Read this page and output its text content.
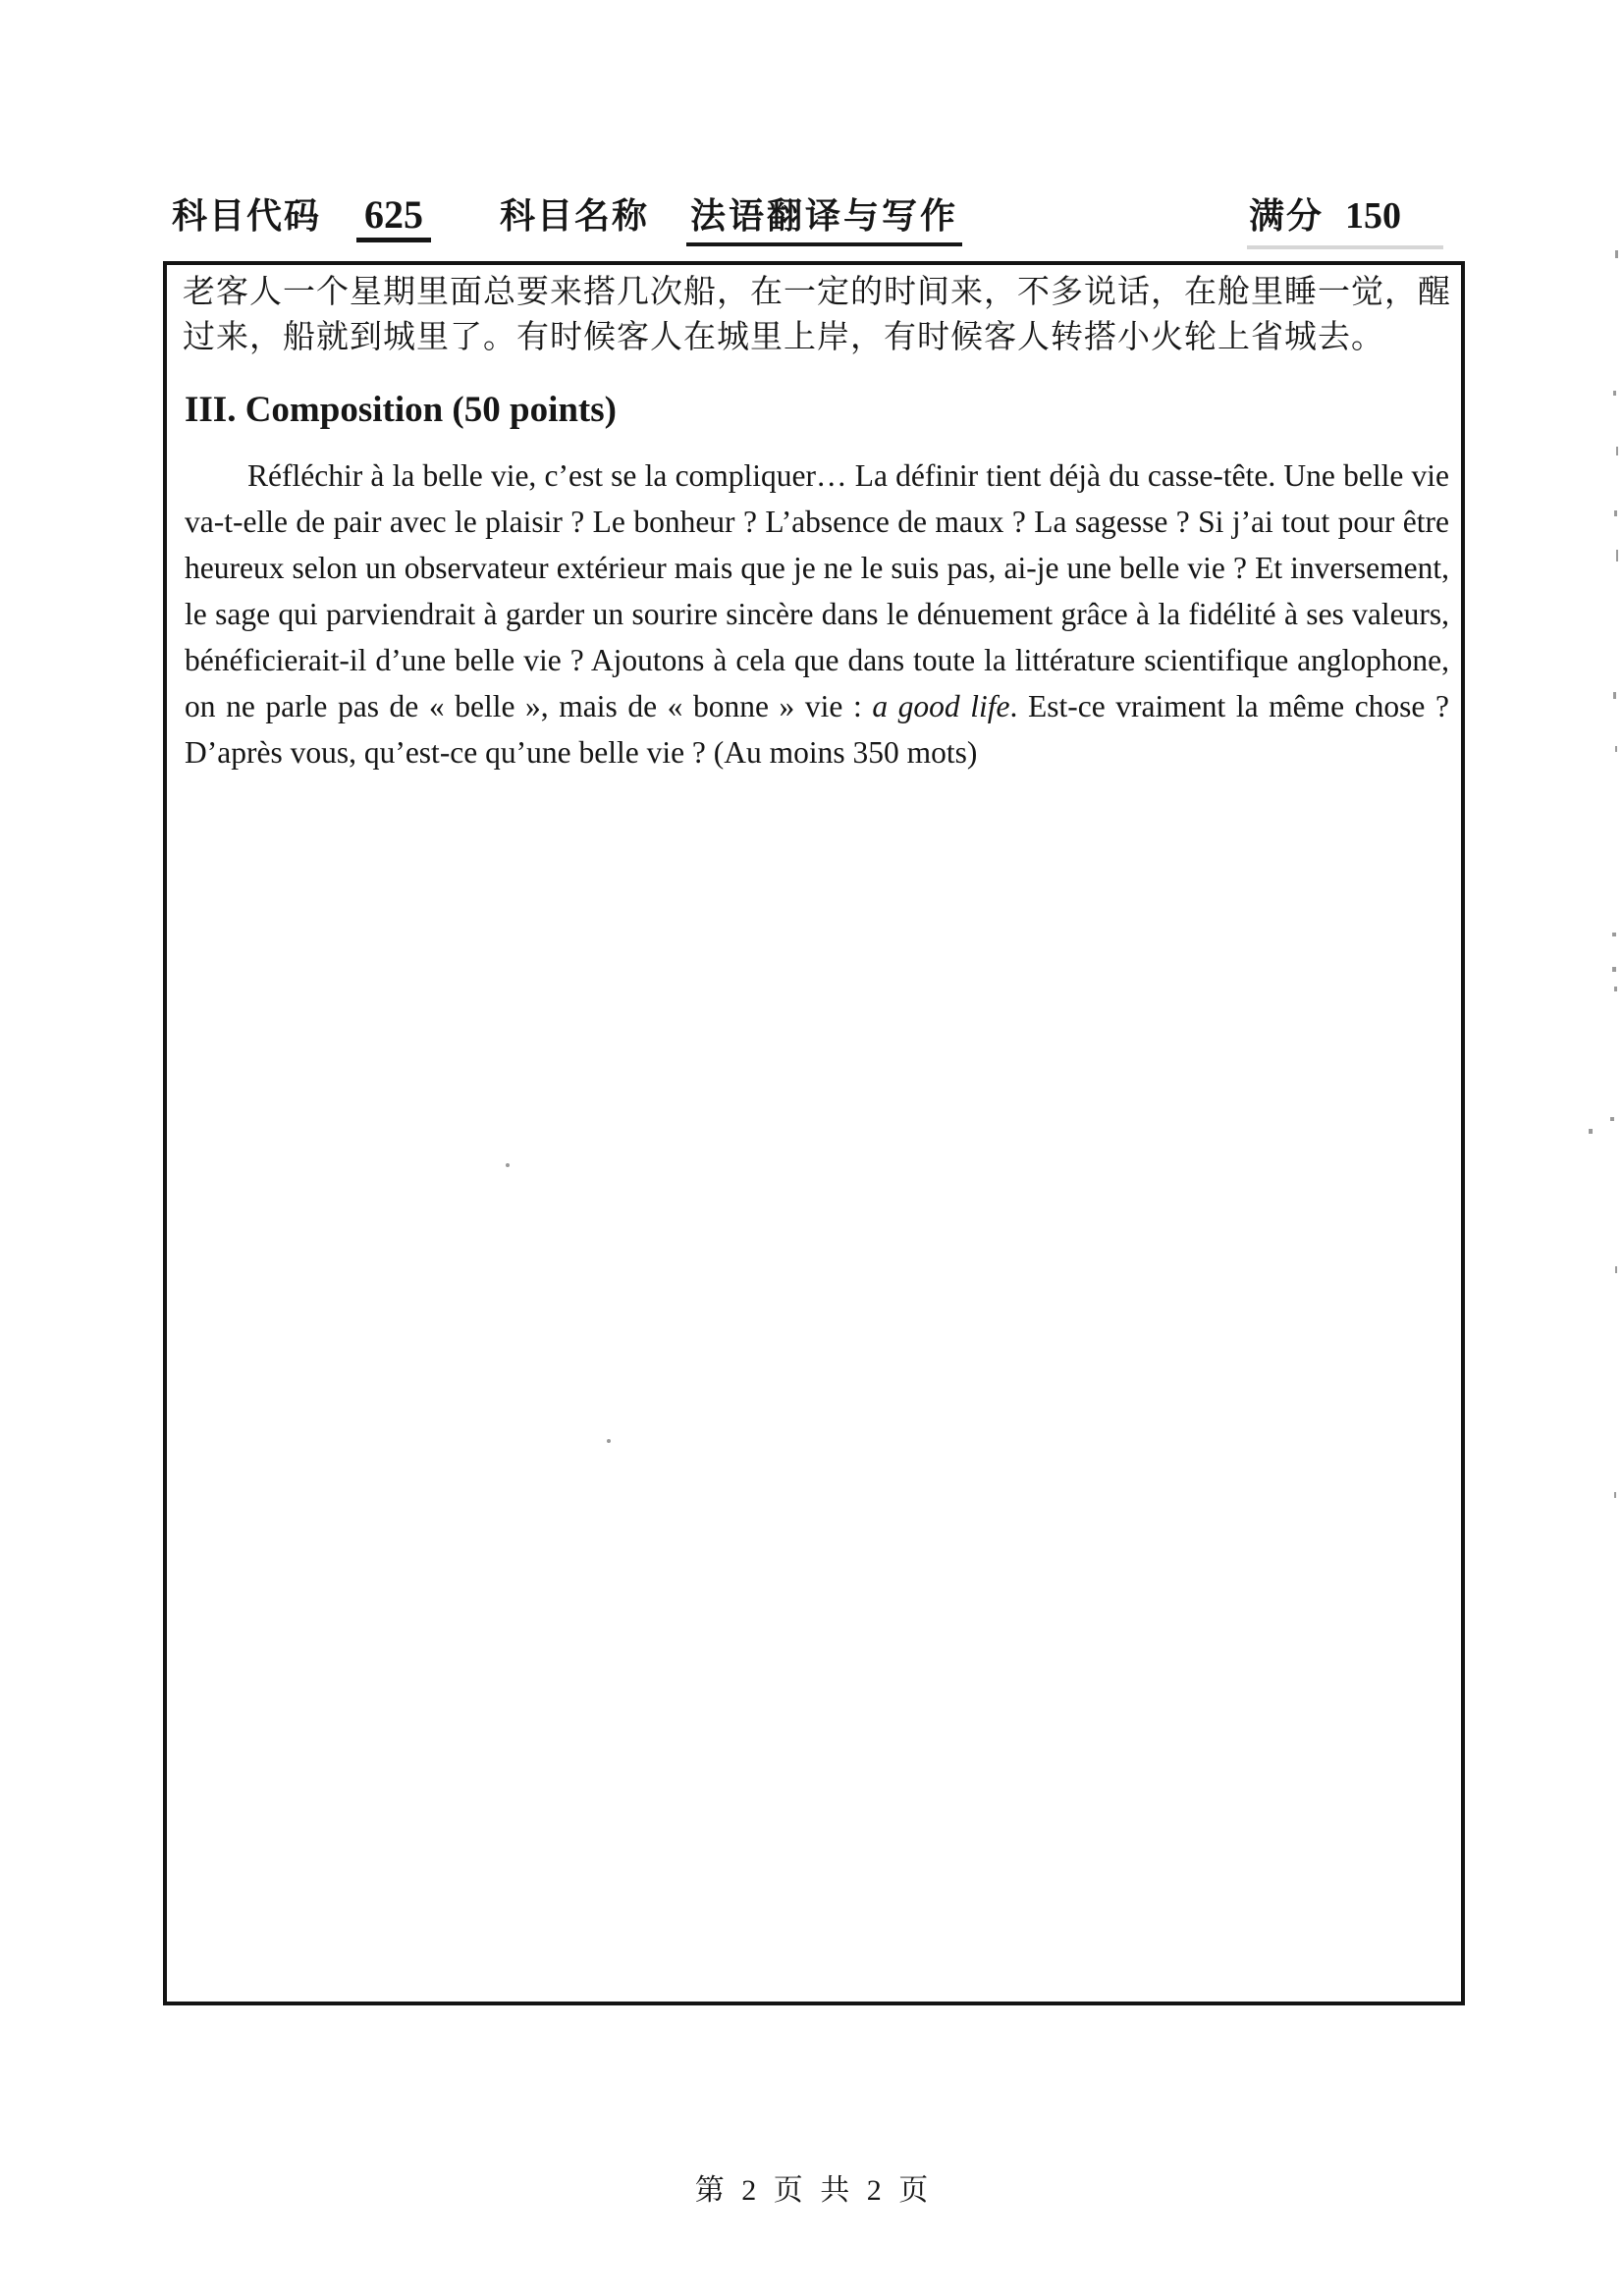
科目代码 625 科目名称 法语翻译与写作	满分 150

老客人一个星期里面总要来搭几次船，在一定的时间来，不多说话，在舱里睡一觉，醒过来，船就到城里了。有时候客人在城里上岸，有时候客人转搭小火轮上省城去。

III. Composition (50 points)

Réfléchir à la belle vie, c’est se la compliquer… La définir tient déjà du casse-tête. Une belle vie va-t-elle de pair avec le plaisir ? Le bonheur ? L’absence de maux ? La sagesse ? Si j’ai tout pour être heureux selon un observateur extérieur mais que je ne le suis pas, ai-je une belle vie ? Et inversement, le sage qui parviendrait à garder un sourire sincère dans le dénuement grâce à la fidélité à ses valeurs, bénéficierait-il d’une belle vie ? Ajoutons à cela que dans toute la littérature scientifique anglophone, on ne parle pas de « belle », mais de « bonne » vie : a good life. Est-ce vraiment la même chose ? D’après vous, qu’est-ce qu’une belle vie ? (Au moins 350 mots)

第 2 页 共 2 页
